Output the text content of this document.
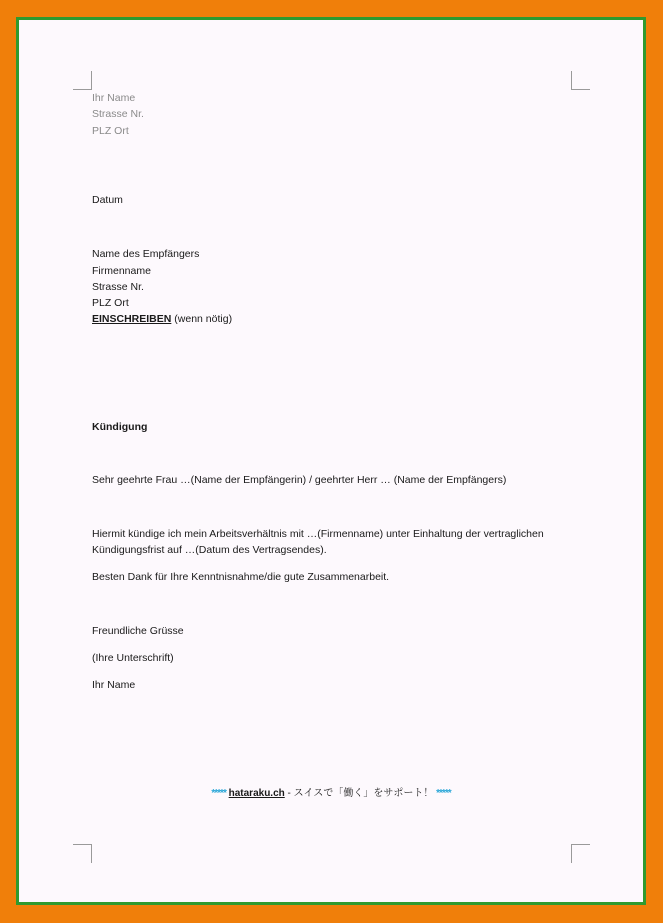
Ihr Name
Strasse Nr.
PLZ Ort
Datum
Name des Empfängers
Firmenname
Strasse Nr.
PLZ Ort
EINSCHREIBEN (wenn nötig)
Kündigung
Sehr geehrte Frau …(Name der Empfängerin) / geehrter Herr … (Name der Empfängers)
Hiermit kündige ich mein Arbeitsverhältnis mit …(Firmenname) unter Einhaltung der vertraglichen
Kündigungsfrist auf …(Datum des Vertragsendes).
Besten Dank für Ihre Kenntnisnahme/die gute Zusammenarbeit.
Freundliche Grüsse
(Ihre Unterschrift)
Ihr Name
***** hataraku.ch - スイスで「働く」をサポート！ *****
